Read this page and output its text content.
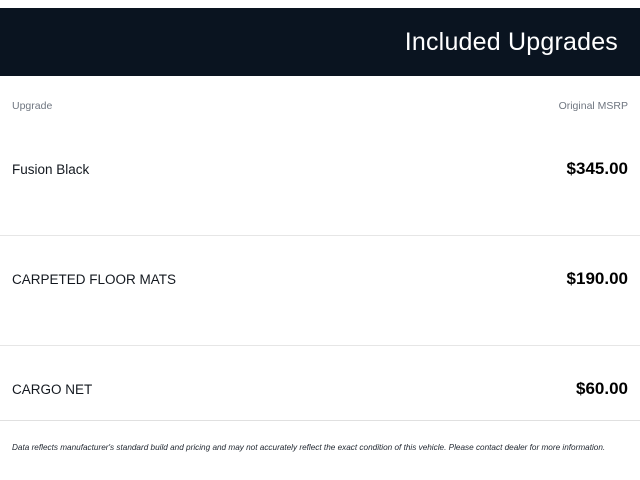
Included Upgrades
Upgrade	Original MSRP
Fusion Black	$345.00
CARPETED FLOOR MATS	$190.00
CARGO NET	$60.00
Data reflects manufacturer's standard build and pricing and may not accurately reflect the exact condition of this vehicle. Please contact dealer for more information.
